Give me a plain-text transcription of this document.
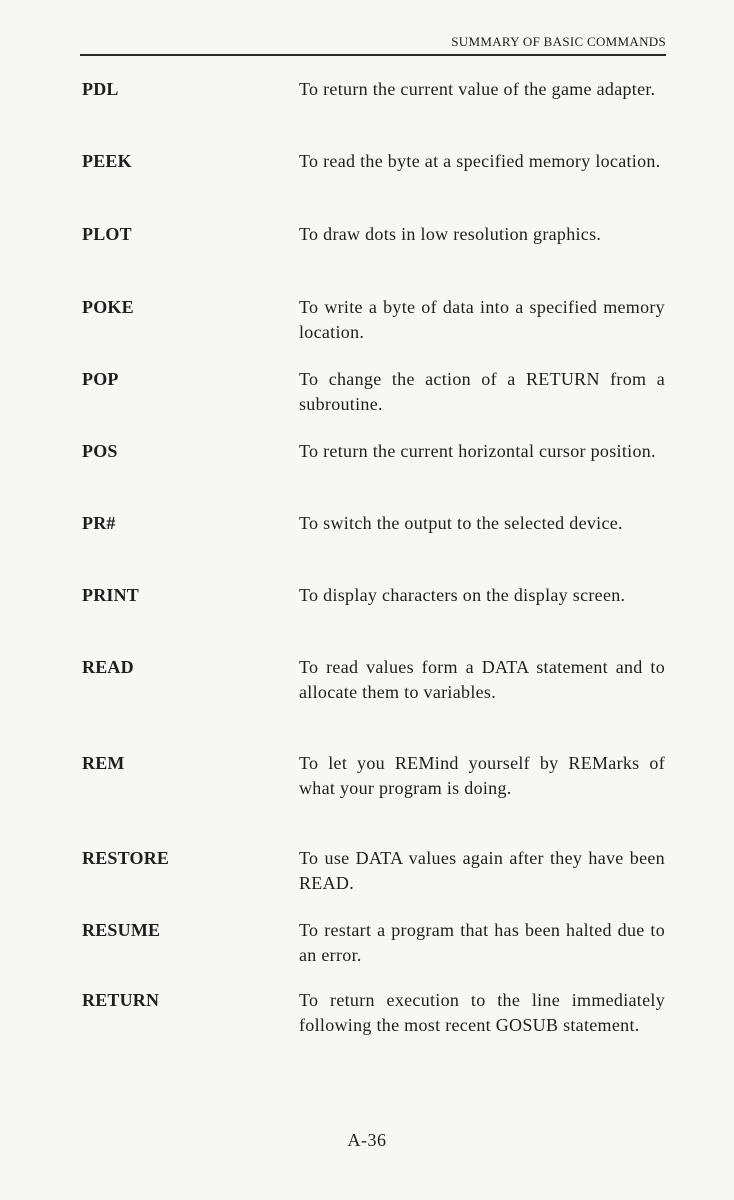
SUMMARY OF BASIC COMMANDS
PDL	To return the current value of the game adapter.
PEEK	To read the byte at a specified memory location.
PLOT	To draw dots in low resolution graphics.
POKE	To write a byte of data into a specified memory location.
POP	To change the action of a RETURN from a subroutine.
POS	To return the current horizontal cursor position.
PR#	To switch the output to the selected device.
PRINT	To display characters on the display screen.
READ	To read values form a DATA statement and to allocate them to variables.
REM	To let you REMind yourself by REMarks of what your program is doing.
RESTORE	To use DATA values again after they have been READ.
RESUME	To restart a program that has been halted due to an error.
RETURN	To return execution to the line immediately following the most recent GOSUB statement.
A-36
